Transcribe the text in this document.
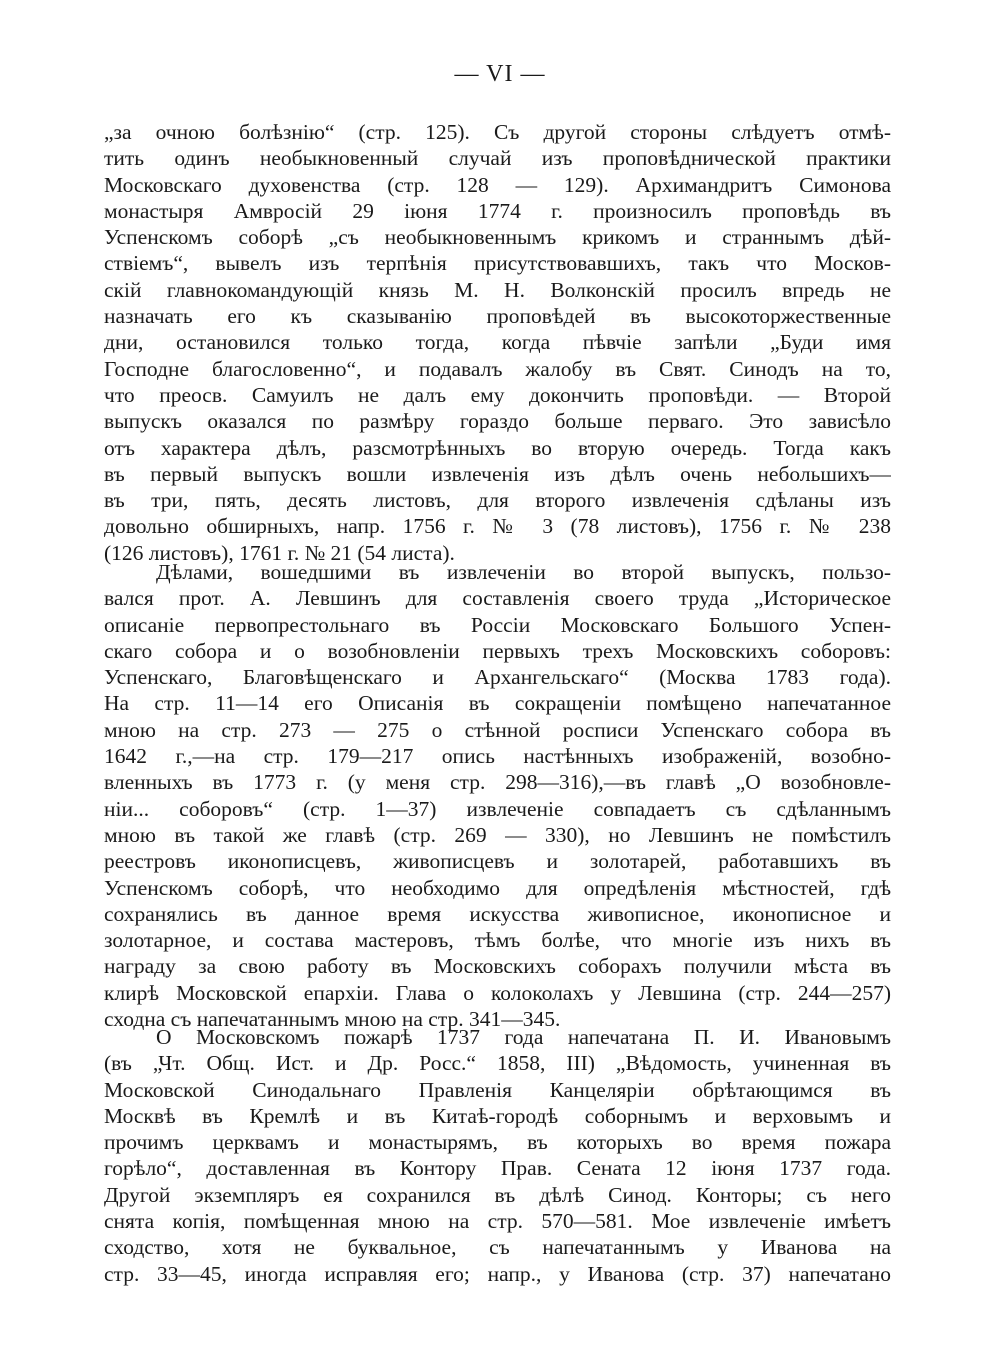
— VI —
„за очною болѣзнію“ (стр. 125). Съ другой стороны слѣдуетъ отмѣ-
тить одинъ необыкновенный случай изъ проповѣднической практики
Московскаго духовенства (стр. 128 — 129). Архимандритъ Симонова
монастыря Амвросій 29 іюня 1774 г. произносилъ проповѣдь въ
Успенскомъ соборѣ „съ необыкновеннымъ крикомъ и страннымъ дѣй-
ствіемъ“, вывелъ изъ терпѣнія присутствовавшихъ, такъ что Москов-
скій главнокомандующій князь М. Н. Волконскій просилъ впредь не
назначать его къ сказыванію проповѣдей въ высокоторжественные
дни, остановился только тогда, когда пѣвчіе запѣли „Буди имя
Господне благословенно“, и подавалъ жалобу въ Свят. Синодъ на то,
что преосв. Самуилъ не далъ ему докончить проповѣди. — Второй
выпускъ оказался по размѣру гораздо больше перваго. Это зависѣло
отъ характера дѣлъ, разсмотрѣнныхъ во вторую очередь. Тогда какъ
въ первый выпускъ вошли извлеченія изъ дѣлъ очень небольшихъ—
въ три, пять, десять листовъ, для второго извлеченія сдѣланы изъ
довольно обширныхъ, напр. 1756 г. № 3 (78 листовъ), 1756 г. № 238
(126 листовъ), 1761 г. № 21 (54 листа).
Дѣлами, вошедшими въ извлеченіи во второй выпускъ, пользо-
вался прот. А. Левшинъ для составленія своего труда „Историческое
описаніе первопрестольнаго въ Россіи Московскаго Большого Успен-
скаго собора и о возобновленіи первыхъ трехъ Московскихъ соборовъ:
Успенскаго, Благовѣщенскаго и Архангельскаго“ (Москва 1783 года).
На стр. 11—14 его Описанія въ сокращеніи помѣщено напечатанное
мною на стр. 273 — 275 о стѣнной росписи Успенскаго собора въ
1642 г.,—на стр. 179—217 опись настѣнныхъ изображеній, возобно-
вленныхъ въ 1773 г. (у меня стр. 298—316),—въ главѣ „О возобновле-
ніи... соборовъ“ (стр. 1—37) извлеченіе совпадаетъ съ сдѣланнымъ
мною въ такой же главѣ (стр. 269 — 330), но Левшинъ не помѣстилъ
реестровъ иконописцевъ, живописцевъ и золотарей, работавшихъ въ
Успенскомъ соборѣ, что необходимо для опредѣленія мѣстностей, гдѣ
сохранялись въ данное время искусства живописное, иконописное и
золотарное, и состава мастеровъ, тѣмъ болѣе, что многіе изъ нихъ въ
награду за свою работу въ Московскихъ соборахъ получили мѣста въ
клирѣ Московской епархіи. Глава о колоколахъ у Левшина (стр. 244—257)
сходна съ напечатаннымъ мною на стр. 341—345.
О Московскомъ пожарѣ 1737 года напечатана П. И. Ивановымъ
(въ „Чт. Общ. Ист. и Др. Росс.“ 1858, III) „Вѣдомость, учиненная въ
Московской Синодальнаго Правленія Канцеляріи обрѣтающимся въ
Москвѣ въ Кремлѣ и въ Китаѣ-городѣ соборнымъ и верховымъ и
прочимъ церквамъ и монастырямъ, въ которыхъ во время пожара
горѣло“, доставленная въ Контору Прав. Сената 12 іюня 1737 года.
Другой экземпляръ ея сохранился въ дѣлѣ Синод. Конторы; съ него
снята копія, помѣщенная мною на стр. 570—581. Мое извлеченіе имѣетъ
сходство, хотя не буквальное, съ напечатаннымъ у Иванова на
стр. 33—45, иногда исправляя его; напр., у Иванова (стр. 37) напечатано
